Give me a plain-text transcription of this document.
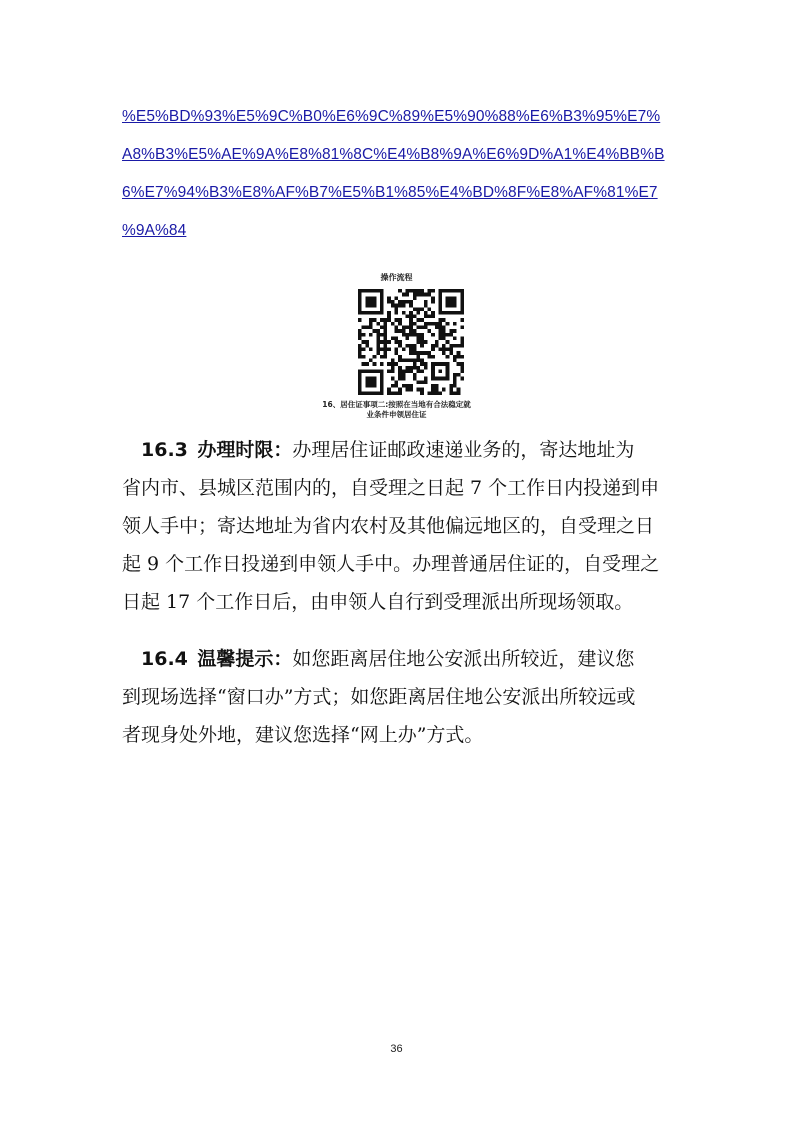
%E5%BD%93%E5%9C%B0%E6%9C%89%E5%90%88%E6%B3%95%E7%
A8%B3%E5%AE%9A%E8%81%8C%E4%B8%9A%E6%9D%A1%E4%BB%B
6%E7%94%B3%E8%AF%B7%E5%B1%85%E4%BD%8F%E8%AF%81%E7
%9A%84
操作流程
16、居住证事项二:按照在当地有合法稳定就
业条件申领居住证
 16.3  办理时限：办理居住证邮政速递业务的，寄达地址为
省内市、县城区范围内的，自受理之日起 7 个工作日内投递到申
领人手中；寄达地址为省内农村及其他偏远地区的，自受理之日
起 9 个工作日投递到申领人手中。办理普通居住证的，自受理之
日起 17 个工作日后，由申领人自行到受理派出所现场领取。
 16.4  温馨提示：如您距离居住地公安派出所较近，建议您
到现场选择“窗口办”方式；如您距离居住地公安派出所较远或
者现身处外地，建议您选择“网上办”方式。
36
